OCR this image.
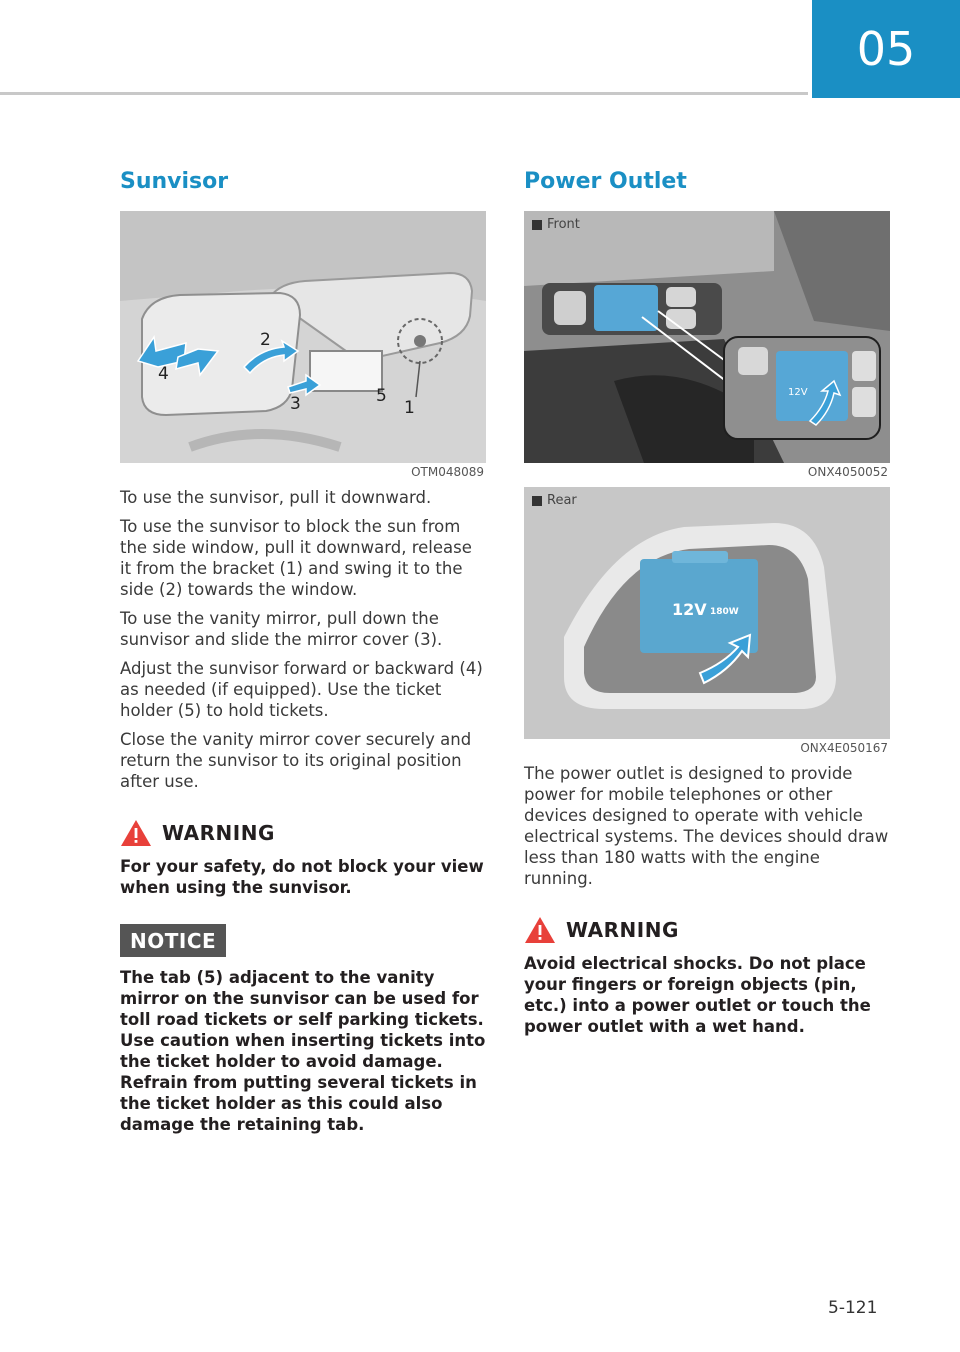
05
Sunvisor
4
2
3	5
1
OTM048089

To use the sunvisor, pull it downward.

To use the sunvisor to block the sun from the side window, pull it downward, release it from the bracket (1) and swing it to the side (2) towards the window.

To use the vanity mirror, pull down the sunvisor and slide the mirror cover (3).

Adjust the sunvisor forward or backward (4) as needed (if equipped). Use the ticket holder (5) to hold tickets.

Close the vanity mirror cover securely and return the sunvisor to its original position after use.

WARNING

For your safety, do not block your view when using the sunvisor.

NOTICE

The tab (5) adjacent to the vanity mirror on the sunvisor can be used for toll road tickets or self parking tickets. Use caution when inserting tickets into the ticket holder to avoid damage. Refrain from putting several tickets in the ticket holder as this could also damage the retaining tab.

Power Outlet
Front
12V
ONX4050052
Rear
12V 180W
ONX4E050167

The power outlet is designed to provide power for mobile telephones or other devices designed to operate with vehicle electrical systems. The devices should draw less than 180 watts with the engine running.

WARNING

Avoid electrical shocks. Do not place your fingers or foreign objects (pin, etc.) into a power outlet or touch the power outlet with a wet hand.

5-121
